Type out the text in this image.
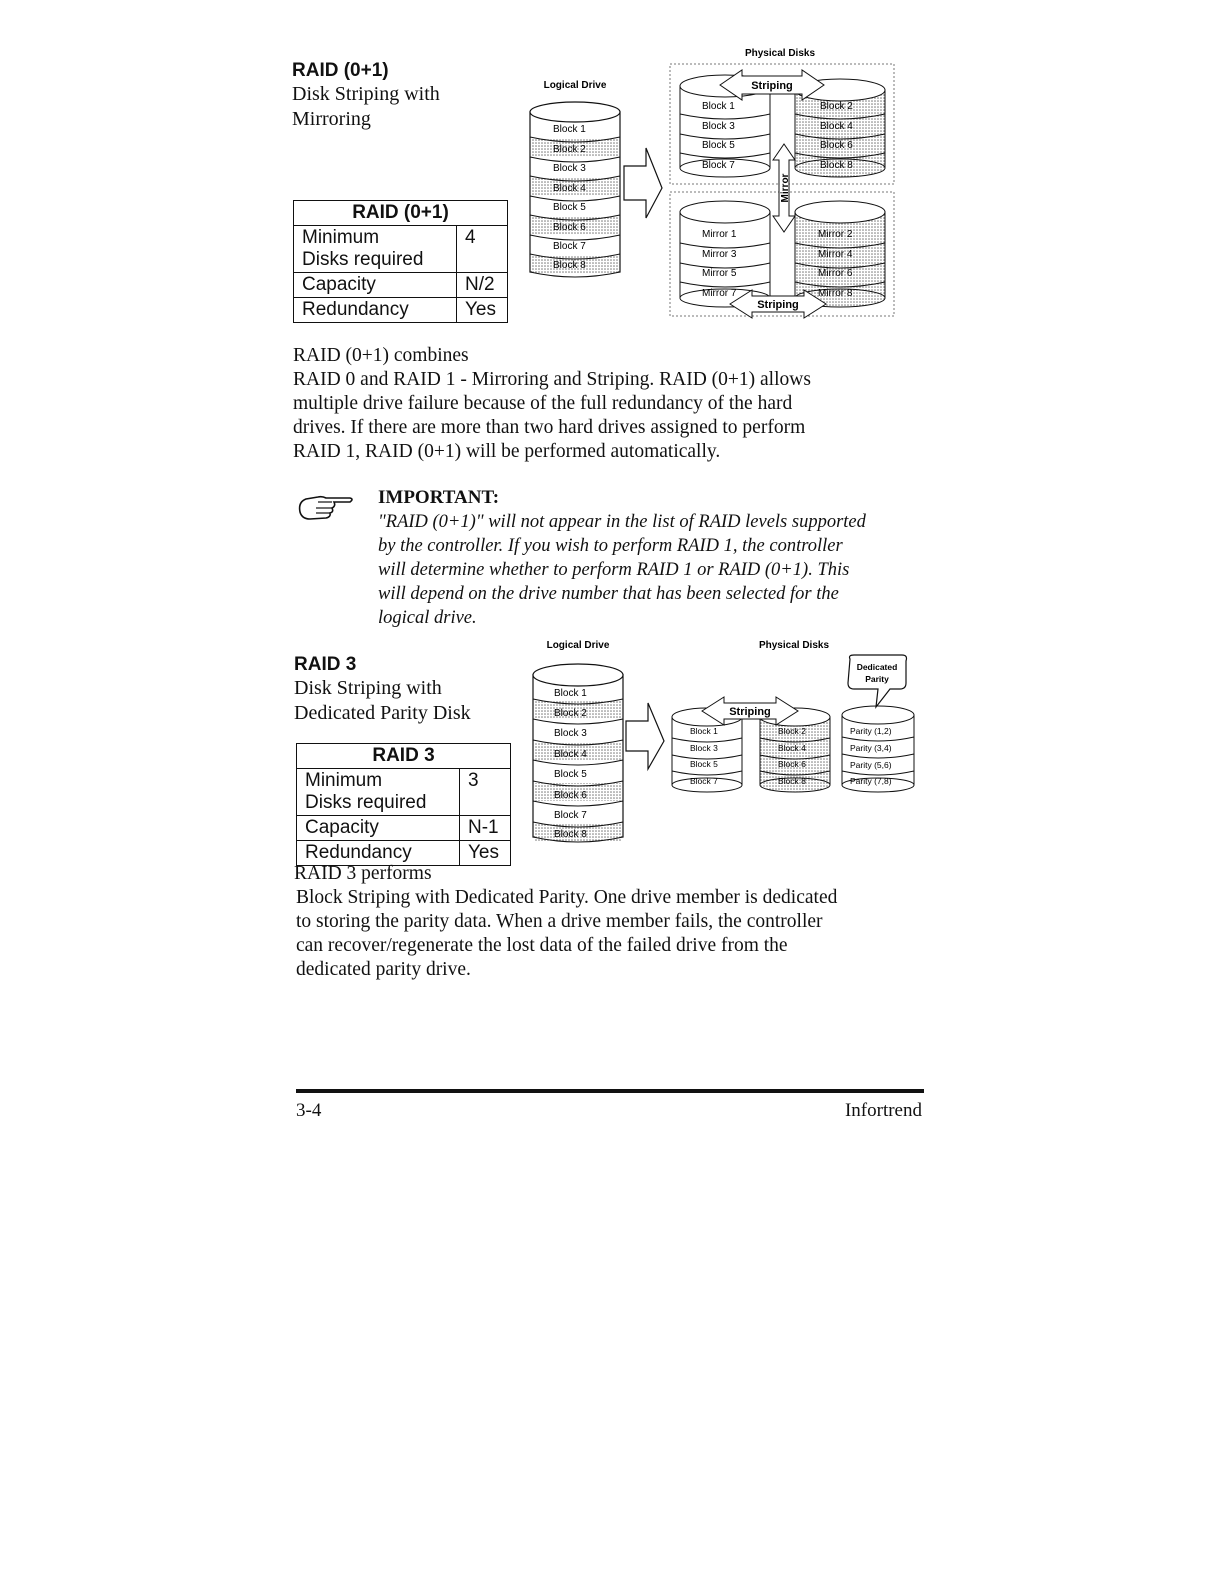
RAID (0+1)
Disk Striping with
Mirroring
RAID (0+1)	

Minimum
Disks required	4
Capacity	N/2
Redundancy	Yes
Physical Disks
Logical Drive
Block 1
Block 2
Block 3
Block 4
Block 5
Block 6
Block 7
Block 8
Block 1
Block 3
Block 5
Block 7
Block 2
Block 4
Block 6
Block 8
Striping
Mirror 1
Mirror 3
Mirror 5
Mirror 7
Mirror 2
Mirror 4
Mirror 6
Mirror 8
Mirror
Striping
RAID (0+1) combines
RAID 0 and RAID 1 - Mirroring and Striping. RAID (0+1) allows
multiple drive failure because of the full redundancy of the hard
drives. If there are more than two hard drives assigned to perform
RAID 1, RAID (0+1) will be performed automatically.
IMPORTANT:
"RAID (0+1)" will not appear in the list of RAID levels supported
by the controller. If you wish to perform RAID 1, the controller
will determine whether to perform RAID 1 or RAID (0+1). This
will depend on the drive number that has been selected for the
logical drive.
RAID 3
Disk Striping with
Dedicated Parity Disk
RAID 3	

Minimum
Disks required	3
Capacity	N-1
Redundancy	Yes
Logical Drive	Physical Disks
Block 1
Block 2
Block 3
Block 4
Block 5
Block 6
Block 7
Block 8
Block 1
Block 3
Block 5
Block 7
Block 2
Block 4
Block 6
Block 8
Striping
Parity (1,2)
Parity (3,4)
Parity (5,6)
Parity (7,8)
Dedicated
Parity
RAID 3 performs
Block Striping with Dedicated Parity. One drive member is dedicated
to storing the parity data. When a drive member fails, the controller
can recover/regenerate the lost data of the failed drive from the
dedicated parity drive.
3-4	Infortrend
